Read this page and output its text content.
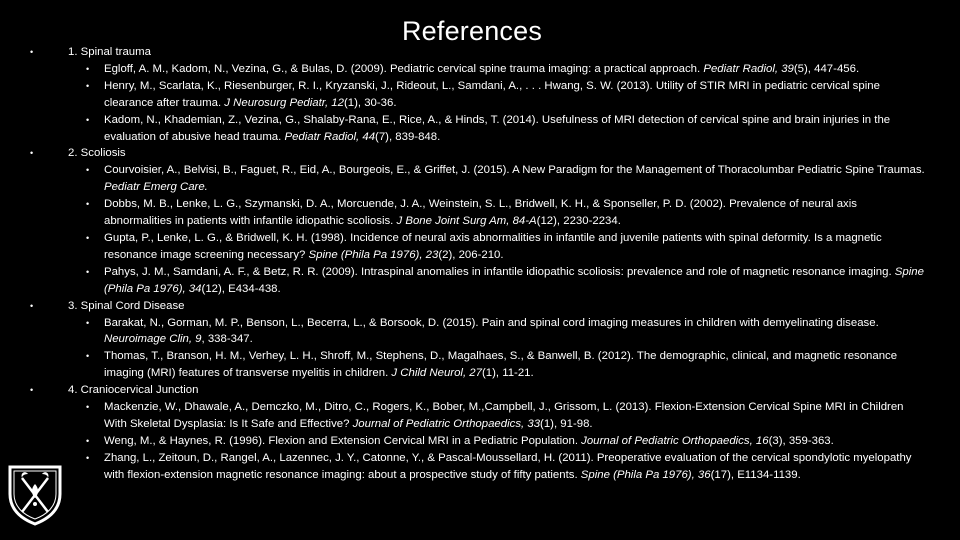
References
• 1. Spinal trauma
• Egloff, A. M., Kadom, N., Vezina, G., & Bulas, D. (2009). Pediatric cervical spine trauma imaging: a practical approach. Pediatr Radiol, 39(5), 447-456.
• Henry, M., Scarlata, K., Riesenburger, R. I., Kryzanski, J., Rideout, L., Samdani, A., . . . Hwang, S. W. (2013). Utility of STIR MRI in pediatric cervical spine clearance after trauma. J Neurosurg Pediatr, 12(1), 30-36.
• Kadom, N., Khademian, Z., Vezina, G., Shalaby-Rana, E., Rice, A., & Hinds, T. (2014). Usefulness of MRI detection of cervical spine and brain injuries in the evaluation of abusive head trauma. Pediatr Radiol, 44(7), 839-848.
• 2. Scoliosis
• Courvoisier, A., Belvisi, B., Faguet, R., Eid, A., Bourgeois, E., & Griffet, J. (2015). A New Paradigm for the Management of Thoracolumbar Pediatric Spine Traumas. Pediatr Emerg Care.
• Dobbs, M. B., Lenke, L. G., Szymanski, D. A., Morcuende, J. A., Weinstein, S. L., Bridwell, K. H., & Sponseller, P. D. (2002). Prevalence of neural axis abnormalities in patients with infantile idiopathic scoliosis. J Bone Joint Surg Am, 84-A(12), 2230-2234.
• Gupta, P., Lenke, L. G., & Bridwell, K. H. (1998). Incidence of neural axis abnormalities in infantile and juvenile patients with spinal deformity. Is a magnetic resonance image screening necessary? Spine (Phila Pa 1976), 23(2), 206-210.
• Pahys, J. M., Samdani, A. F., & Betz, R. R. (2009). Intraspinal anomalies in infantile idiopathic scoliosis: prevalence and role of magnetic resonance imaging. Spine (Phila Pa 1976), 34(12), E434-438.
• 3. Spinal Cord Disease
• Barakat, N., Gorman, M. P., Benson, L., Becerra, L., & Borsook, D. (2015). Pain and spinal cord imaging measures in children with demyelinating disease. Neuroimage Clin, 9, 338-347.
• Thomas, T., Branson, H. M., Verhey, L. H., Shroff, M., Stephens, D., Magalhaes, S., & Banwell, B. (2012). The demographic, clinical, and magnetic resonance imaging (MRI) features of transverse myelitis in children. J Child Neurol, 27(1), 11-21.
• 4. Craniocervical Junction
• Mackenzie, W., Dhawale, A., Demczko, M., Ditro, C., Rogers, K., Bober, M.,Campbell, J., Grissom, L. (2013). Flexion-Extension Cervical Spine MRI in Children With Skeletal Dysplasia: Is It Safe and Effective? Journal of Pediatric Orthopaedics, 33(1), 91-98.
• Weng, M., & Haynes, R. (1996). Flexion and Extension Cervical MRI in a Pediatric Population. Journal of Pediatric Orthopaedics, 16(3), 359-363.
• Zhang, L., Zeitoun, D., Rangel, A., Lazennec, J. Y., Catonne, Y., & Pascal-Moussellard, H. (2011). Preoperative evaluation of the cervical spondylotic myelopathy with flexion-extension magnetic resonance imaging: about a prospective study of fifty patients. Spine (Phila Pa 1976), 36(17), E1134-1139.
